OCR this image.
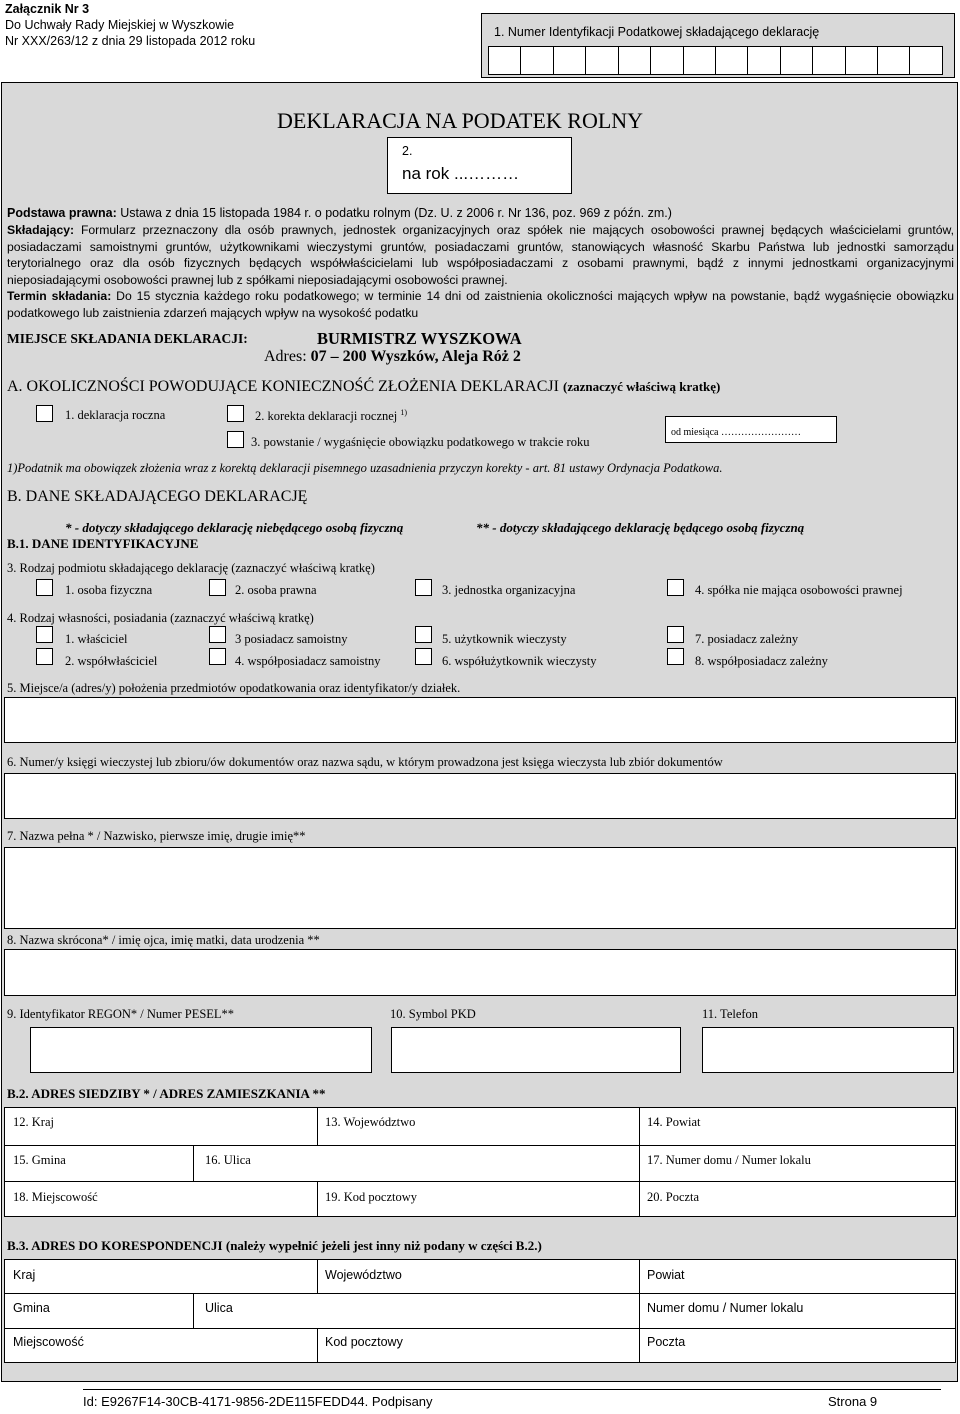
Załącznik Nr 3
Do Uchwały Rady Miejskiej w Wyszkowie
Nr XXX/263/12 z dnia 29 listopada 2012 roku
1. Numer Identyfikacji Podatkowej składającego deklarację
DEKLARACJA NA PODATEK ROLNY
2.
na rok ...………
Podstawa prawna: Ustawa z dnia 15 listopada 1984 r. o podatku rolnym (Dz. U. z 2006 r. Nr 136, poz. 969 z późn. zm.)
Składający: Formularz przeznaczony dla osób prawnych, jednostek organizacyjnych oraz spółek nie mających osobowości prawnej będących właścicielami gruntów, posiadaczami samoistnymi gruntów, użytkownikami wieczystymi gruntów, posiadaczami gruntów, stanowiących własność Skarbu Państwa lub jednostki samorządu terytorialnego oraz dla osób fizycznych będących współwłaścicielami lub współposiadaczami z osobami prawnymi, bądź z innymi jednostkami organizacyjnymi nieposiadającymi osobowości prawnej lub z spółkami nieposiadającymi osobowości prawnej.
Termin składania: Do 15 stycznia każdego roku podatkowego; w terminie 14 dni od zaistnienia okoliczności mających wpływ na powstanie, bądź wygaśnięcie obowiązku podatkowego lub zaistnienia zdarzeń mających wpływ na wysokość podatku
MIEJSCE SKŁADANIA DEKLARACJI:	BURMISTRZ WYSZKOWA
Adres: 07 – 200 Wyszków, Aleja Róż 2
A. OKOLICZNOŚCI POWODUJĄCE KONIECZNOŚĆ ZŁOŻENIA DEKLARACJI (zaznaczyć właściwą kratkę)
1. deklaracja roczna	2. korekta deklaracji rocznej $^{1)}$
3. powstanie / wygaśnięcie obowiązku podatkowego w trakcie roku
od miesiąca ……………………
1)Podatnik ma obowiązek złożenia wraz z korektą deklaracji pisemnego uzasadnienia przyczyn korekty - art. 81 ustawy Ordynacja Podatkowa.
B. DANE SKŁADAJĄCEGO DEKLARACJĘ
* - dotyczy składającego deklarację niebędącego osobą fizyczną	** - dotyczy składającego deklarację będącego osobą fizyczną
B.1. DANE IDENTYFIKACYJNE
3. Rodzaj podmiotu składającego deklarację (zaznaczyć właściwą kratkę)
1. osoba fizyczna	2. osoba prawna	3. jednostka organizacyjna	4. spółka nie mająca osobowości prawnej
4. Rodzaj własności, posiadania (zaznaczyć właściwą kratkę)
1. właściciel	3 posiadacz samoistny	5. użytkownik wieczysty	7. posiadacz zależny
2. współwłaściciel	4. współposiadacz samoistny	6. współużytkownik wieczysty	8. współposiadacz zależny
5. Miejsce/a (adres/y) położenia przedmiotów opodatkowania oraz identyfikator/y działek.
6. Numer/y księgi wieczystej lub zbioru/ów dokumentów oraz nazwa sądu, w którym prowadzona jest księga wieczysta lub zbiór dokumentów
7. Nazwa pełna * / Nazwisko, pierwsze imię, drugie imię**
8. Nazwa skrócona* / imię ojca, imię matki, data urodzenia **
9. Identyfikator REGON* / Numer PESEL**	10. Symbol PKD	11. Telefon
B.2. ADRES SIEDZIBY * / ADRES ZAMIESZKANIA **
12. Kraj	13. Województwo	14. Powiat
15. Gmina	16. Ulica	17. Numer domu / Numer lokalu
18. Miejscowość	19. Kod pocztowy	20. Poczta
B.3. ADRES DO KORESPONDENCJI (należy wypełnić jeżeli jest inny niż podany w części B.2.)
Kraj	Województwo	Powiat
Gmina	Ulica	Numer domu / Numer lokalu
Miejscowość	Kod pocztowy	Poczta
Id: E9267F14-30CB-4171-9856-2DE115FEDD44. Podpisany	Strona 9
